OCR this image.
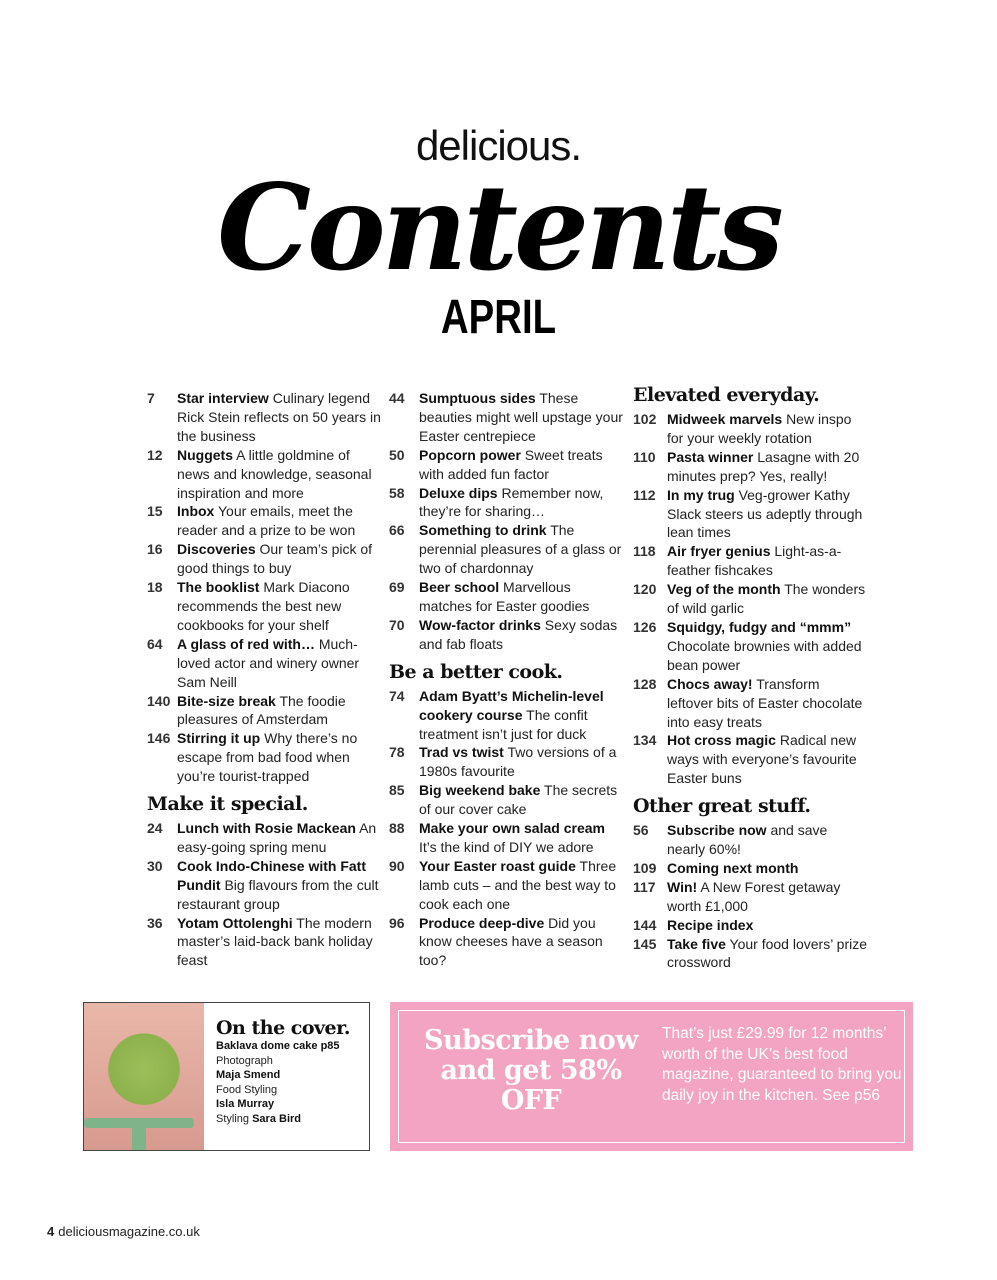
delicious.
Contents
APRIL
7	Star interview Culinary legend Rick Stein reflects on 50 years in the business
12	Nuggets A little goldmine of news and knowledge, seasonal inspiration and more
15	Inbox Your emails, meet the reader and a prize to be won
16	Discoveries Our team’s pick of good things to buy
18	The booklist Mark Diacono recommends the best new cookbooks for your shelf
64	A glass of red with… Much-loved actor and winery owner Sam Neill
140 Bite-size break The foodie pleasures of Amsterdam
146 Stirring it up Why there’s no escape from bad food when you’re tourist-trapped
Make it special.
24	Lunch with Rosie Mackean An easy-going spring menu
30	Cook Indo-Chinese with Fatt Pundit Big flavours from the cult restaurant group
36	Yotam Ottolenghi The modern master’s laid-back bank holiday feast
44	Sumptuous sides These beauties might well upstage your Easter centrepiece
50	Popcorn power Sweet treats with added fun factor
58	Deluxe dips Remember now, they’re for sharing…
66	Something to drink The perennial pleasures of a glass or two of chardonnay
69	Beer school Marvellous matches for Easter goodies
70	Wow-factor drinks Sexy sodas and fab floats
Be a better cook.
74	Adam Byatt’s Michelin-level cookery course The confit treatment isn’t just for duck
78	Trad vs twist Two versions of a 1980s favourite
85	Big weekend bake The secrets of our cover cake
88	Make your own salad cream It’s the kind of DIY we adore
90	Your Easter roast guide Three lamb cuts – and the best way to cook each one
96	Produce deep-dive Did you know cheeses have a season too?
Elevated everyday.
102 Midweek marvels New inspo for your weekly rotation
110 Pasta winner Lasagne with 20 minutes prep? Yes, really!
112 In my trug Veg-grower Kathy Slack steers us adeptly through lean times
118 Air fryer genius Light-as-a-feather fishcakes
120 Veg of the month The wonders of wild garlic
126 Squidgy, fudgy and “mmm” Chocolate brownies with added bean power
128 Chocs away! Transform leftover bits of Easter chocolate into easy treats
134 Hot cross magic Radical new ways with everyone’s favourite Easter buns
Other great stuff.
56	Subscribe now and save nearly 60%!
109 Coming next month
117 Win! A New Forest getaway worth £1,000
144 Recipe index
145 Take five Your food lovers’ prize crossword
On the cover.
Baklava dome cake p85
Photograph
Maja Smend
Food Styling
Isla Murray
Styling Sara Bird
Subscribe now and get 58% OFF
That’s just £29.99 for 12 months’ worth of the UK’s best food magazine, guaranteed to bring you daily joy in the kitchen. See p56
4 deliciousmagazine.co.uk
